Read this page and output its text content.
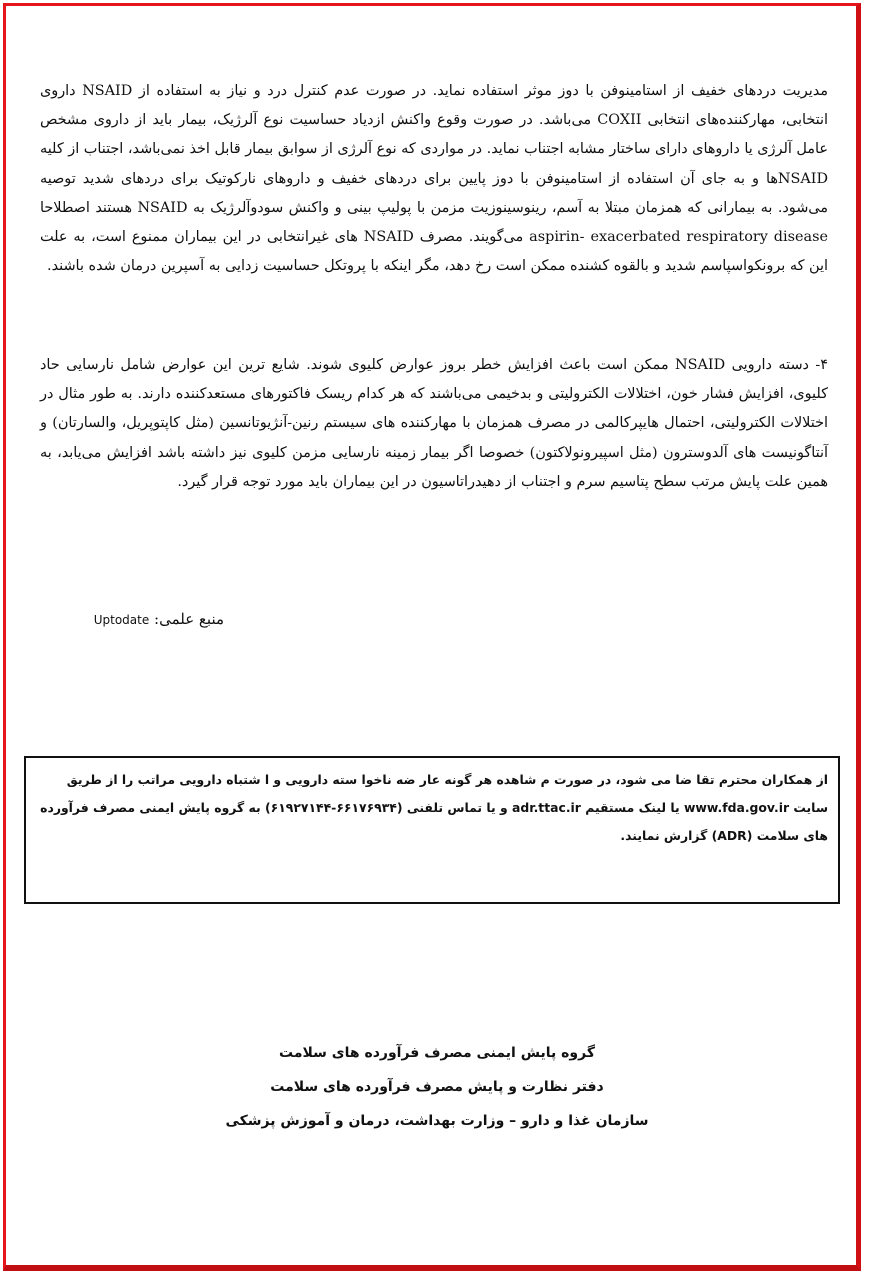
مدیریت دردهای خفیف از استامینوفن با دوز موثر استفاده نماید. در صورت عدم کنترل درد و نیاز به استفاده از NSAID داروی انتخابی، مهارکننده‌های انتخابی COXII می‌باشد. در صورت وقوع واکنش ازدیاد حساسیت نوع آلرژیک، بیمار باید از داروی مشخص عامل آلرژی یا داروهای دارای ساختار مشابه اجتناب نماید. در مواردی که نوع آلرژی از سوابق بیمار قابل اخذ نمی‌باشد، اجتناب از کلیه NSAIDها و به جای آن استفاده از استامینوفن با دوز پایین برای دردهای خفیف و داروهای نارکوتیک برای دردهای شدید توصیه می‌شود. به بیمارانی که همزمان مبتلا به آسم، رینوسینوزیت مزمن با پولیپ بینی و واکنش سودوآلرژیک به NSAID هستند اصطلاحا aspirin- exacerbated respiratory disease می‌گویند. مصرف NSAID های غیرانتخابی در این بیماران ممنوع است، به علت این که برونکواسپاسم شدید و بالقوه کشنده ممکن است رخ دهد، مگر اینکه با پروتکل حساسیت زدایی به آسپرین درمان شده باشند.

۴- دسته دارویی NSAID ممکن است باعث افزایش خطر بروز عوارض کلیوی شوند. شایع ترین این عوارض شامل نارسایی حاد کلیوی، افزایش فشار خون، اختلالات الکترولیتی و بدخیمی می‌باشند که هر کدام ریسک فاکتورهای مستعدکننده دارند. به طور مثال در اختلالات الکترولیتی، احتمال هایپرکالمی در مصرف همزمان با مهارکننده های سیستم رنین-آنژیوتانسین (مثل کاپتوپریل، والسارتان) و آنتاگونیست های آلدوسترون (مثل اسپیرونولاکتون) خصوصا اگر بیمار زمینه نارسایی مزمن کلیوی نیز داشته باشد افزایش می‌یابد، به همین علت پایش مرتب سطح پتاسیم سرم و اجتناب از دهیدراتاسیون در این بیماران باید مورد توجه قرار گیرد.

منبع علمی: Uptodate

از همکاران محترم تقا ضا می شود، در صورت م شاهده هر گونه عار ضه ناخوا سته دارویی و ا شتباه دارویی مراتب را از طریق سایت www.fda.gov.ir یا لینک مستقیم adr.ttac.ir و یا تماس تلفنی (۶۶۱۷۶۹۳۴-۶۱۹۲۷۱۴۴) به گروه پایش ایمنی مصرف فرآورده های سلامت (ADR) گزارش نمایند.

گروه پایش ایمنی مصرف فرآورده های سلامت
دفتر نظارت و پایش مصرف فرآورده های سلامت
سازمان غذا و دارو – وزارت بهداشت، درمان و آموزش پزشکی
